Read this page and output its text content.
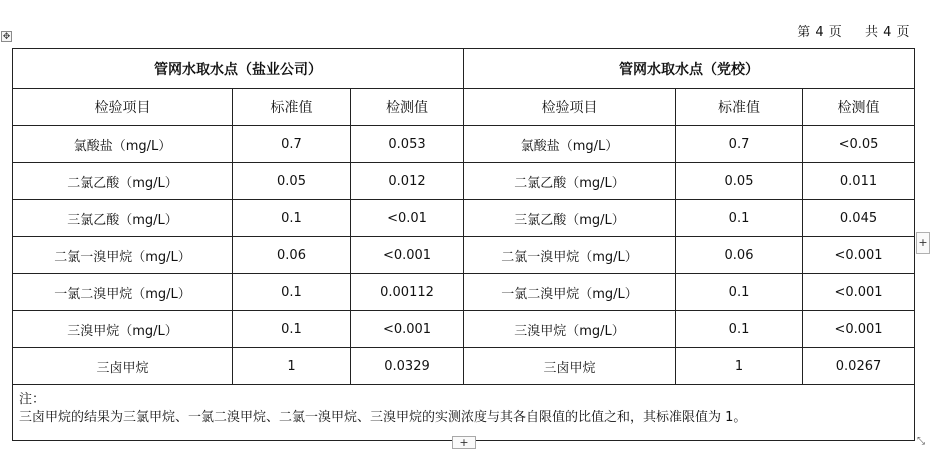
第 4 页 共 4 页
✥
管网水取水点（盐业公司）			管网水取水点（党校）		
检验项目	标准值	检测值	检验项目	标准值	检测值
氯酸盐（mg/L）	0.7	0.053	氯酸盐（mg/L）	0.7	<0.05
二氯乙酸（mg/L）	0.05	0.012	二氯乙酸（mg/L）	0.05	0.011
三氯乙酸（mg/L）	0.1	<0.01	三氯乙酸（mg/L）	0.1	0.045
二氯一溴甲烷（mg/L）	0.06	<0.001	二氯一溴甲烷（mg/L）	0.06	<0.001
一氯二溴甲烷（mg/L）	0.1	0.00112	一氯二溴甲烷（mg/L）	0.1	<0.001
三溴甲烷（mg/L）	0.1	<0.001	三溴甲烷（mg/L）	0.1	<0.001
三卤甲烷	1	0.0329	三卤甲烷	1	0.0267

注：
三卤甲烷的结果为三氯甲烷、一氯二溴甲烷、二氯一溴甲烷、三溴甲烷的实测浓度与其各自限值的比值之和，其标准限值为 1。					
+
+	⤡
